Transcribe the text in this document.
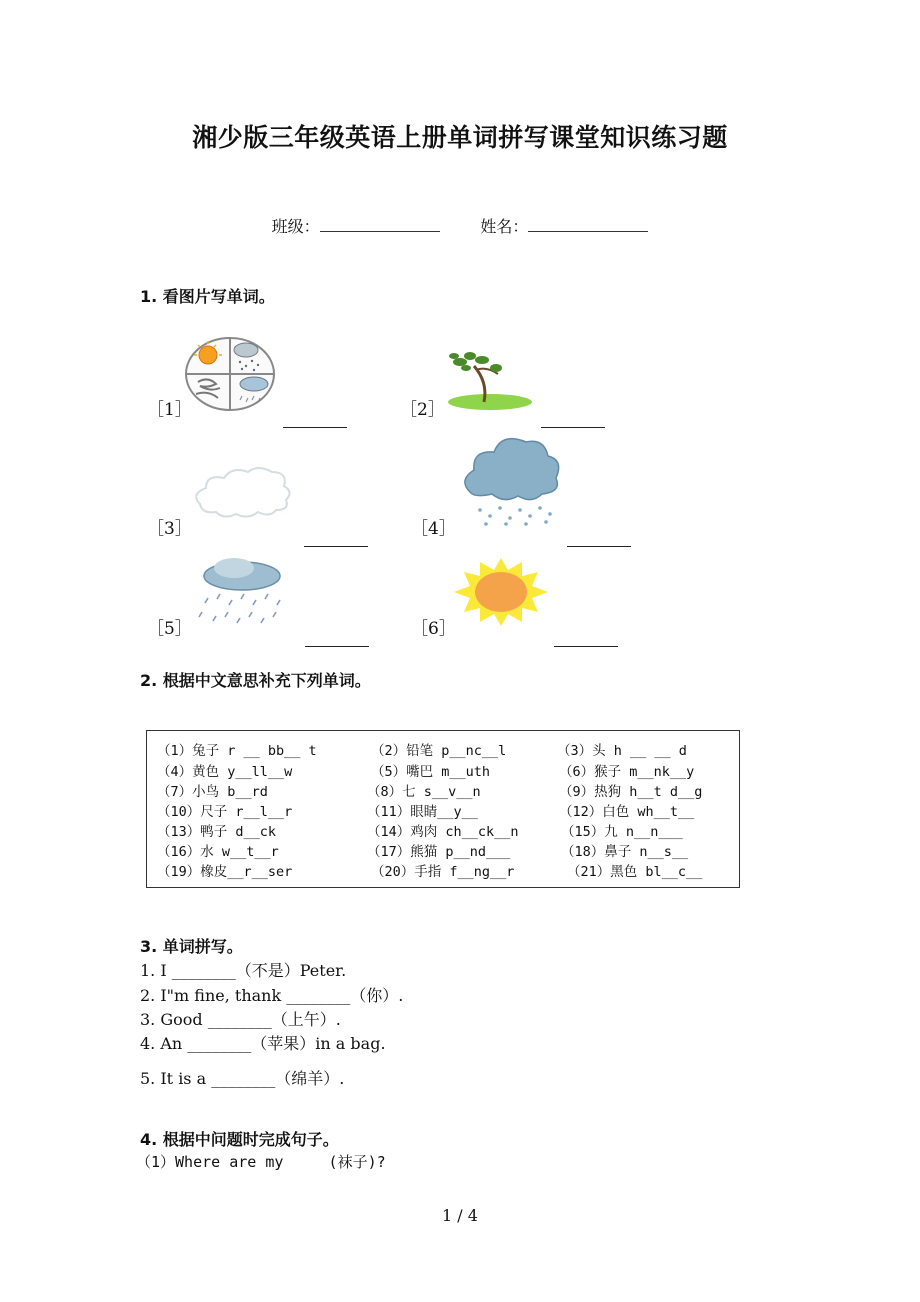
湘少版三年级英语上册单词拼写课堂知识练习题
班级：	姓名：
1. 看图片写单词。
［1］	［2］
［3］	［4］
［5］	［6］
2. 根据中文意思补充下列单词。
（1）兔子 r __ bb__ t	（2）铅笔 p__nc__l	（3）头 h __ __ d
（4）黄色 y__ll__w	（5）嘴巴 m__uth	（6）猴子 m__nk__y
（7）小鸟 b__rd	（8）七 s__v__n	（9）热狗 h__t d__g
（10）尺子 r__l__r	（11）眼睛__y__	（12）白色 wh__t__
（13）鸭子 d__ck	（14）鸡肉 ch__ck__n	（15）九 n__n___
（16）水 w__t__r	（17）熊猫 p__nd___	（18）鼻子 n__s__
（19）橡皮__r__ser	（20）手指 f__ng__r	（21）黑色 bl__c__
3. 单词拼写。
1. I ________（不是）Peter.
2. I"m fine, thank ________（你）.
3. Good ________（上午）.
4. An ________（苹果）in a bag.
5. It is a ________（绵羊）.
4. 根据中问题时完成句子。
（1）Where are my     (袜子)?
1 / 4
